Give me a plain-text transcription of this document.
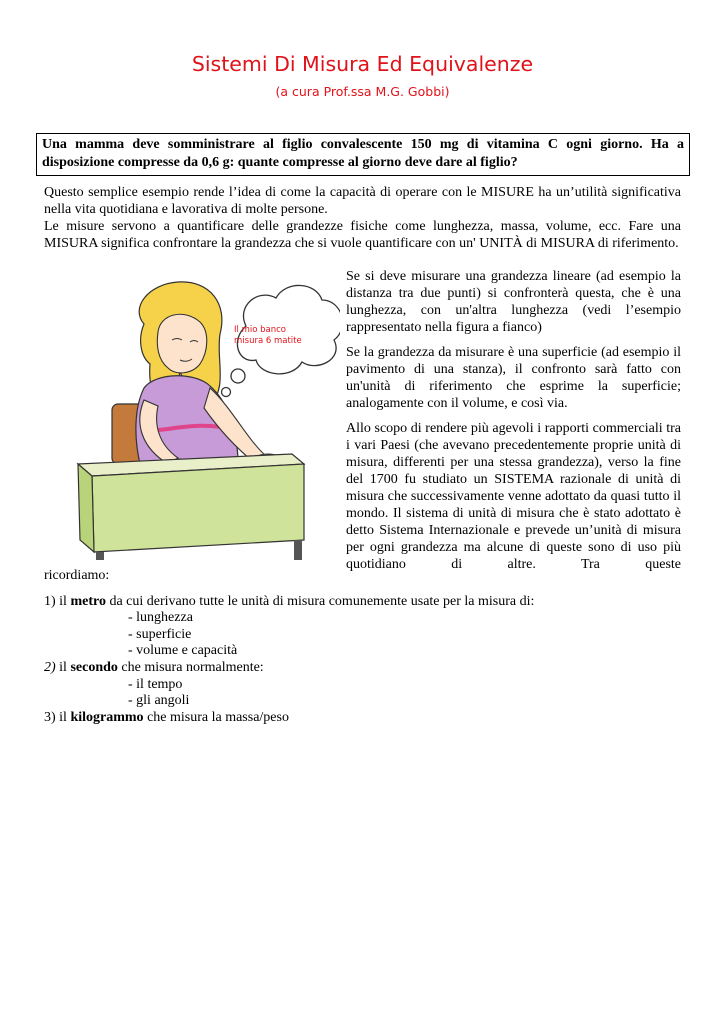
Sistemi Di Misura Ed Equivalenze
(a cura Prof.ssa M.G. Gobbi)
Una mamma deve somministrare al figlio convalescente 150 mg di vitamina C ogni giorno. Ha a disposizione compresse da 0,6 g: quante compresse al giorno deve dare al figlio?

Questo semplice esempio rende l’idea di come la capacità di operare con le MISURE ha un’utilità significativa nella vita quotidiana e lavorativa di molte persone.

Le misure servono a quantificare delle grandezze fisiche come lunghezza, massa, volume, ecc. Fare una MISURA significa confrontare la grandezza che si vuole quantificare con un' UNITÀ di MISURA di riferimento.

Se si deve misurare una grandezza lineare (ad esempio la distanza tra due punti) si confronterà questa, che è una lunghezza, con un'altra lunghezza (vedi l’esempio rappresentato nella figura a fianco)

Se la grandezza da misurare è una superficie (ad esempio il pavimento di una stanza), il confronto sarà fatto con un'unità di riferimento che esprime la superficie; analogamente con il volume, e così via.

Allo scopo di rendere più agevoli i rapporti commerciali tra i vari Paesi (che avevano precedentemente proprie unità di misura, differenti per una stessa grandezza), verso la fine del 1700 fu studiato un SISTEMA razionale di unità di misura che successivamente venne adottato da quasi tutto il mondo. Il sistema di unità di misura che è stato adottato è detto Sistema Internazionale e prevede un’unità di misura per ogni grandezza ma alcune di queste sono di uso più quotidiano di altre. Tra queste

ricordiamo:

Il mio banco
misura 6 matite
1) il metro da cui derivano tutte le unità di misura comunemente usate per la misura di:
- lunghezza
- superficie
- volume e capacità
2) il secondo che misura normalmente:
- il tempo
- gli angoli
3) il kilogrammo che misura la massa/peso
